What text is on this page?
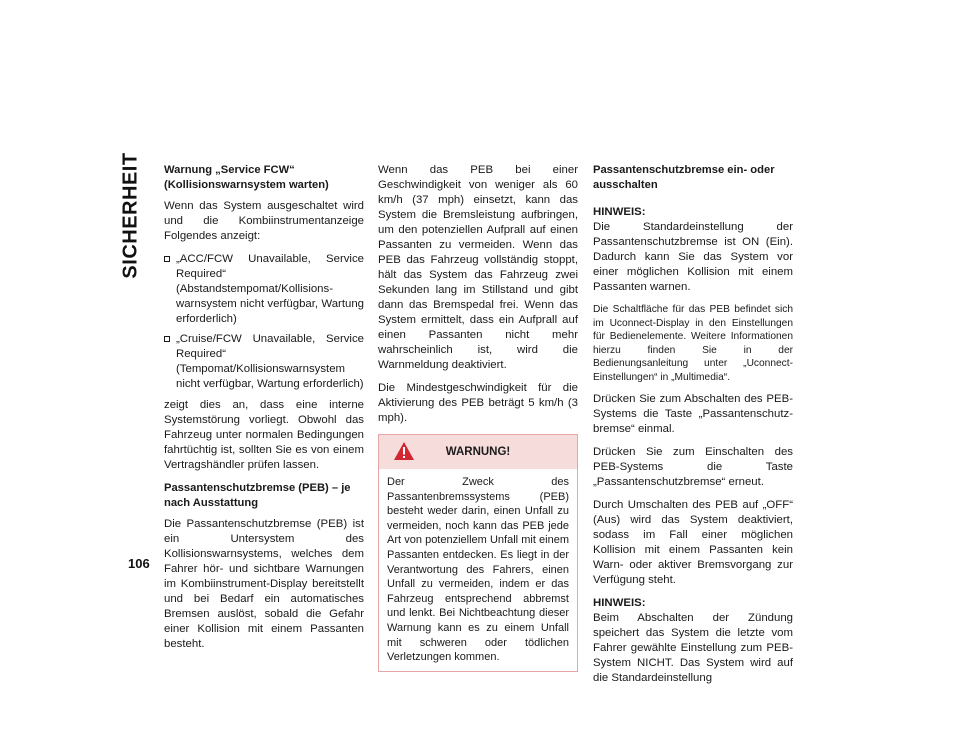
SICHERHEIT
106
Warnung „Service FCW“
(Kollisionswarnsystem warten)

Wenn das System ausgeschaltet wird und die Kombiinstrumentanzeige Folgendes anzeigt:

„ACC/FCW Unavailable, Service Required“ (Abstandstempomat/Kollisionswarnsystem nicht verfügbar, Wartung erforderlich)
„Cruise/FCW Unavailable, Service Required“ (Tempomat/Kollisionswarnsystem nicht verfügbar, Wartung erforderlich)

zeigt dies an, dass eine interne Systemstörung vorliegt. Obwohl das Fahrzeug unter normalen Bedingungen fahrtüchtig ist, sollten Sie es von einem Vertragshändler prüfen lassen.

Passantenschutzbremse (PEB) – je nach Ausstattung

Die Passantenschutzbremse (PEB) ist ein Untersystem des Kollisionswarnsystems, welches dem Fahrer hör- und sichtbare Warnungen im Kombiinstrument-Display bereitstellt und bei Bedarf ein automatisches Bremsen auslöst, sobald die Gefahr einer Kollision mit einem Passanten besteht.

Wenn das PEB bei einer Geschwindigkeit von weniger als 60 km/h (37 mph) einsetzt, kann das System die Bremsleistung aufbringen, um den potenziellen Aufprall auf einen Passanten zu vermeiden. Wenn das PEB das Fahrzeug vollständig stoppt, hält das System das Fahrzeug zwei Sekunden lang im Stillstand und gibt dann das Bremspedal frei. Wenn das System ermittelt, dass ein Aufprall auf einen Passanten nicht mehr wahrscheinlich ist, wird die Warnmeldung deaktiviert.

Die Mindestgeschwindigkeit für die Aktivierung des PEB beträgt 5 km/h (3 mph).

WARNUNG!
Der Zweck des Passantenbremssystems (PEB) besteht weder darin, einen Unfall zu vermeiden, noch kann das PEB jede Art von potenziellem Unfall mit einem Passanten entdecken. Es liegt in der Verantwortung des Fahrers, einen Unfall zu vermeiden, indem er das Fahrzeug entsprechend abbremst und lenkt. Bei Nichtbeachtung dieser Warnung kann es zu einem Unfall mit schweren oder tödlichen Verletzungen kommen.
Passantenschutzbremse ein- oder ausschalten

HINWEIS:

Die Standardeinstellung der Passantenschutzbremse ist ON (Ein). Dadurch kann Sie das System vor einer möglichen Kollision mit einem Passanten warnen.

Die Schaltfläche für das PEB befindet sich im Uconnect-Display in den Einstellungen für Bedienelemente. Weitere Informationen hierzu finden Sie in der Bedienungsanleitung unter „Uconnect-Einstellungen“ in „Multimedia“.

Drücken Sie zum Abschalten des PEB-Systems die Taste „Passantenschutzbremse“ einmal.

Drücken Sie zum Einschalten des PEB-Systems die Taste „Passantenschutzbremse“ erneut.

Durch Umschalten des PEB auf „OFF“ (Aus) wird das System deaktiviert, sodass im Fall einer möglichen Kollision mit einem Passanten kein Warn- oder aktiver Bremsvorgang zur Verfügung steht.

HINWEIS:

Beim Abschalten der Zündung speichert das System die letzte vom Fahrer gewählte Einstellung zum PEB-System NICHT. Das System wird auf die Standardeinstellung
